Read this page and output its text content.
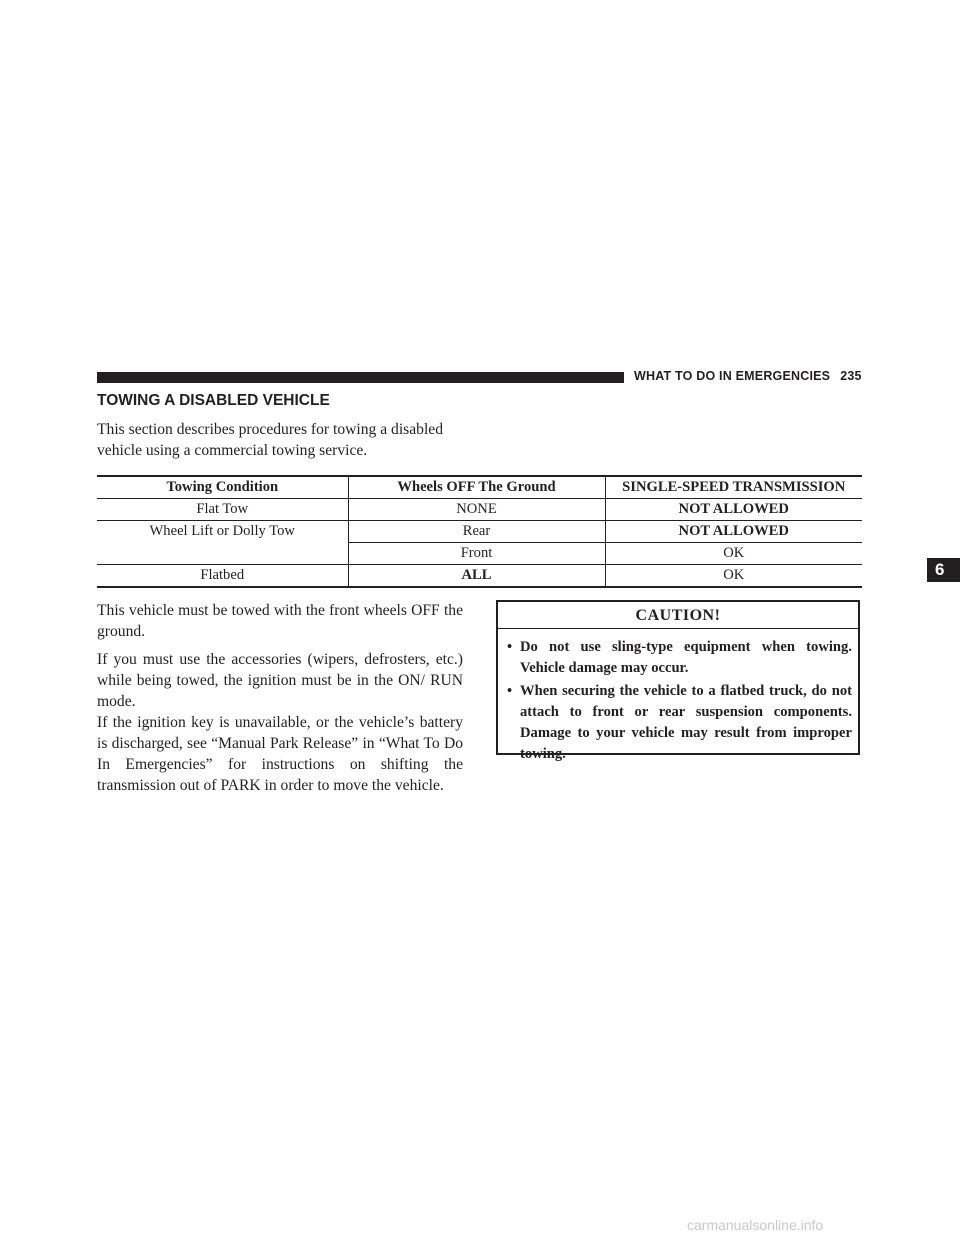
WHAT TO DO IN EMERGENCIES 235
TOWING A DISABLED VEHICLE

This section describes procedures for towing a disabled vehicle using a commercial towing service.

Towing Condition	Wheels OFF The Ground	SINGLE-SPEED TRANSMISSION
Flat Tow	NONE	NOT ALLOWED
Wheel Lift or Dolly Tow	Rear	NOT ALLOWED
	Front	OK
Flatbed	ALL	OK

This vehicle must be towed with the front wheels OFF the ground.

If you must use the accessories (wipers, defrosters, etc.) while being towed, the ignition must be in the ON/ RUN mode.

If the ignition key is unavailable, or the vehicle’s battery is discharged, see “Manual Park Release” in “What To Do In Emergencies” for instructions on shifting the transmission out of PARK in order to move the vehicle.

CAUTION!
• Do not use sling-type equipment when towing. Vehicle damage may occur.
• When securing the vehicle to a flatbed truck, do not attach to front or rear suspension components. Damage to your vehicle may result from improper towing.
6
carmanualsonline.info
